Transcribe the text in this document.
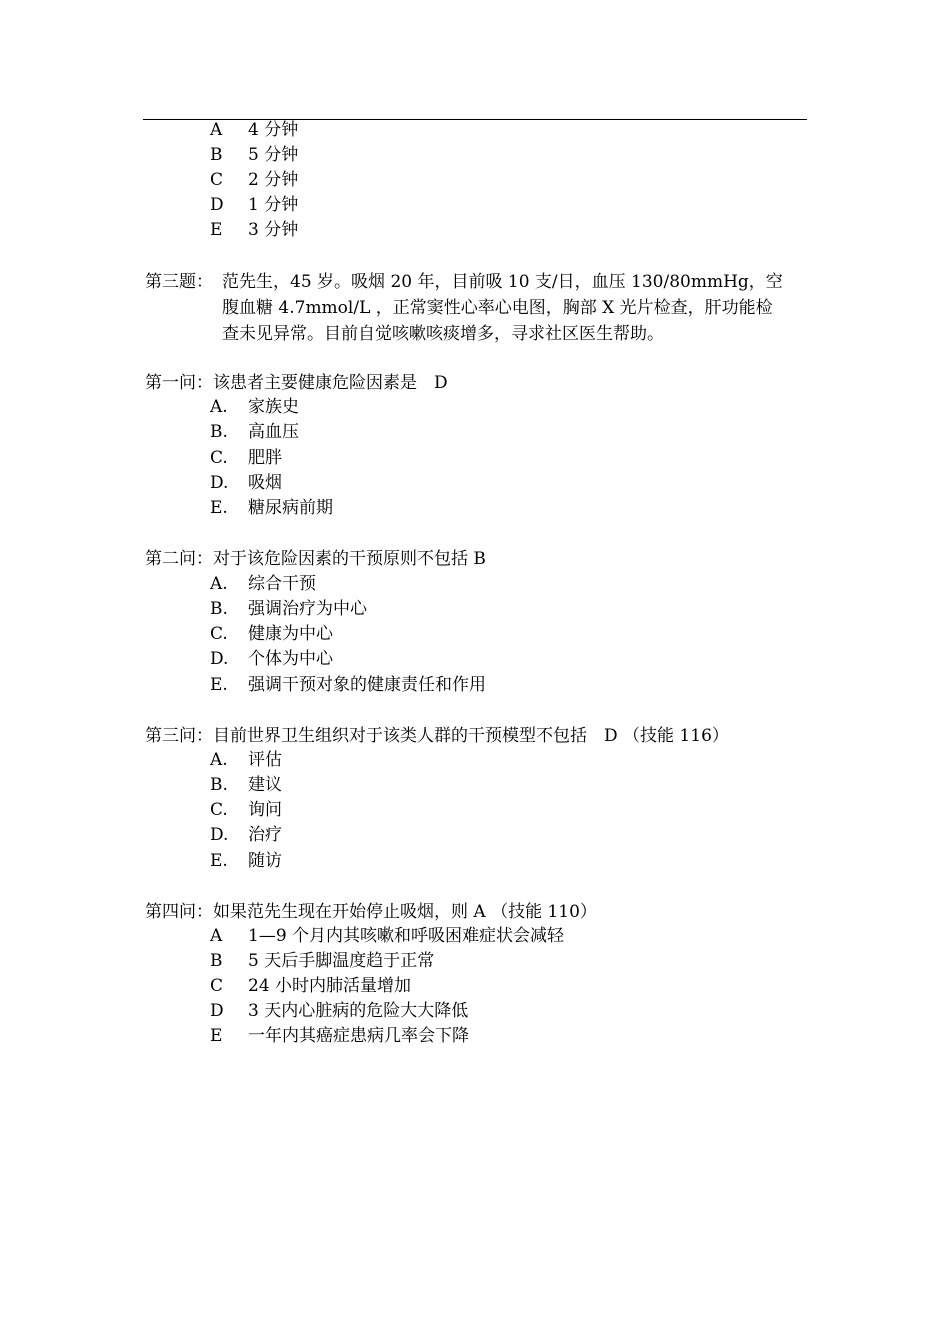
A 4 分钟
B 5 分钟
C 2 分钟
D 1 分钟
E 3 分钟
第三题： 范先生，45 岁。吸烟 20 年，目前吸 10 支/日，血压 130/80mmHg，空
腹血糖 4.7mmol/L ，正常窦性心率心电图，胸部 X 光片检查，肝功能检
查未见异常。目前自觉咳嗽咳痰增多，寻求社区医生帮助。
第一问：该患者主要健康危险因素是　D
A. 家族史
B. 高血压
C. 肥胖
D. 吸烟
E. 糖尿病前期
第二问：对于该危险因素的干预原则不包括 B
A. 综合干预
B. 强调治疗为中心
C. 健康为中心
D. 个体为中心
E. 强调干预对象的健康责任和作用
第三问：目前世界卫生组织对于该类人群的干预模型不包括　D （技能 116）
A. 评估
B. 建议
C. 询问
D. 治疗
E. 随访
第四问：如果范先生现在开始停止吸烟，则 A （技能 110）
A 1—9 个月内其咳嗽和呼吸困难症状会减轻
B 5 天后手脚温度趋于正常
C 24 小时内肺活量增加
D 3 天内心脏病的危险大大降低
E 一年内其癌症患病几率会下降
